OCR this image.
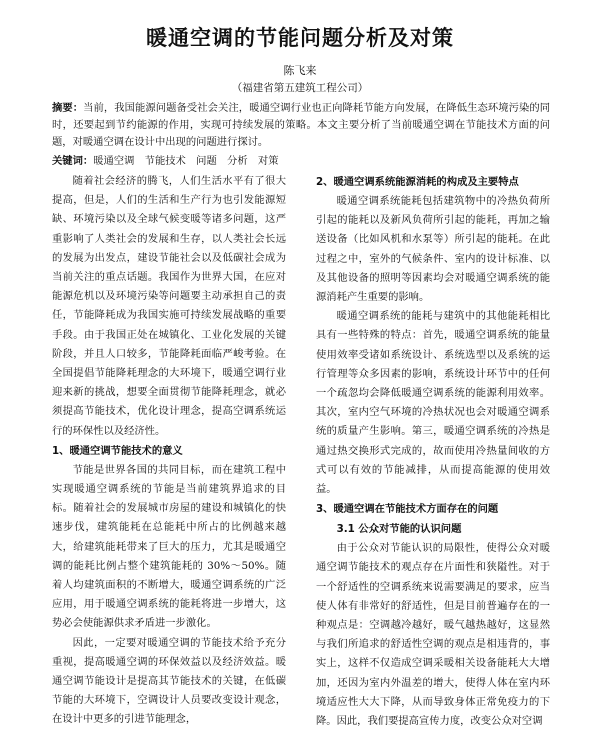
暖通空调的节能问题分析及对策
陈飞来
（福建省第五建筑工程公司）
摘要：当前，我国能源问题备受社会关注，暖通空调行业也正向降耗节能方向发展，在降低生态环境污染的同时，还要起到节约能源的作用，实现可持续发展的策略。本文主要分析了当前暖通空调在节能技术方面的问题，对暖通空调在设计中出现的问题进行探讨。
关键词：暖通空调　节能技术　问题　分析　对策

随着社会经济的腾飞，人们生活水平有了很大提高，但是，人们的生活和生产行为也引发能源短缺、环境污染以及全球气候变暖等诸多问题，这严重影响了人类社会的发展和生存，以人类社会长远的发展为出发点，建设节能社会以及低碳社会成为当前关注的重点话题。我国作为世界大国，在应对能源危机以及环境污染等问题要主动承担自己的责任，节能降耗成为我国实施可持续发展战略的重要手段。由于我国正处在城镇化、工业化发展的关键阶段，并且人口较多，节能降耗面临严峻考验。在全国提倡节能降耗理念的大环境下，暖通空调行业迎来新的挑战，想要全面贯彻节能降耗理念，就必须提高节能技术，优化设计理念，提高空调系统运行的环保性以及经济性。

1、暖通空调节能技术的意义

节能是世界各国的共同目标，而在建筑工程中实现暖通空调系统的节能是当前建筑界追求的目标。随着社会的发展城市房屋的建设和城镇化的快速步伐，建筑能耗在总能耗中所占的比例越来越大，给建筑能耗带来了巨大的压力，尤其是暖通空调的能耗比例占整个建筑能耗的 30%～50%。随着人均建筑面积的不断增大，暖通空调系统的广泛应用，用于暖通空调系统的能耗将进一步增大，这势必会使能源供求矛盾进一步激化。

因此，一定要对暖通空调的节能技术给予充分重视，提高暖通空调的环保效益以及经济效益。暖通空调节能设计是提高其节能技术的关键，在低碳节能的大环境下，空调设计人员要改变设计观念，在设计中更多的引进节能理念，

2、暖通空调系统能源消耗的构成及主要特点

暖通空调系统能耗包括建筑物中的冷热负荷所引起的能耗以及新风负荷所引起的能耗，再加之输送设备（比如风机和水泵等）所引起的能耗。在此过程之中，室外的气候条件、室内的设计标准、以及其他设备的照明等因素均会对暖通空调系统的能源消耗产生重要的影响。

暖通空调系统的能耗与建筑中的其他能耗相比具有一些特殊的特点：首先，暖通空调系统的能量使用效率受诸如系统设计、系统选型以及系统的运行管理等众多因素的影响，系统设计环节中的任何一个疏忽均会降低暖通空调系统的能源利用效率。其次，室内空气环境的冷热状况也会对暖通空调系统的质量产生影响。第三，暖通空调系统的冷热是通过热交换形式完成的，故而使用冷热量间收的方式可以有效的节能减排，从而提高能源的使用效益。

3、暖通空调在节能技术方面存在的问题
3.1 公众对节能的认识问题

由于公众对节能认识的局限性，使得公众对暖通空调节能技术的观点存在片面性和狭隘性。对于一个舒适性的空调系统来说需要满足的要求，应当使人体有非常好的舒适性，但是目前普遍存在的一种观点是：空调越冷越好，暖气越热越好，这显然与我们所追求的舒适性空调的观点是相违背的，事实上，这样不仅造成空调采暖相关设备能耗大大增加，还因为室内外温差的增大，使得人体在室内环境适应性大大下降，从而导致身体正常免疫力的下降。因此，我们要提高宣传力度，改变公众对空调
